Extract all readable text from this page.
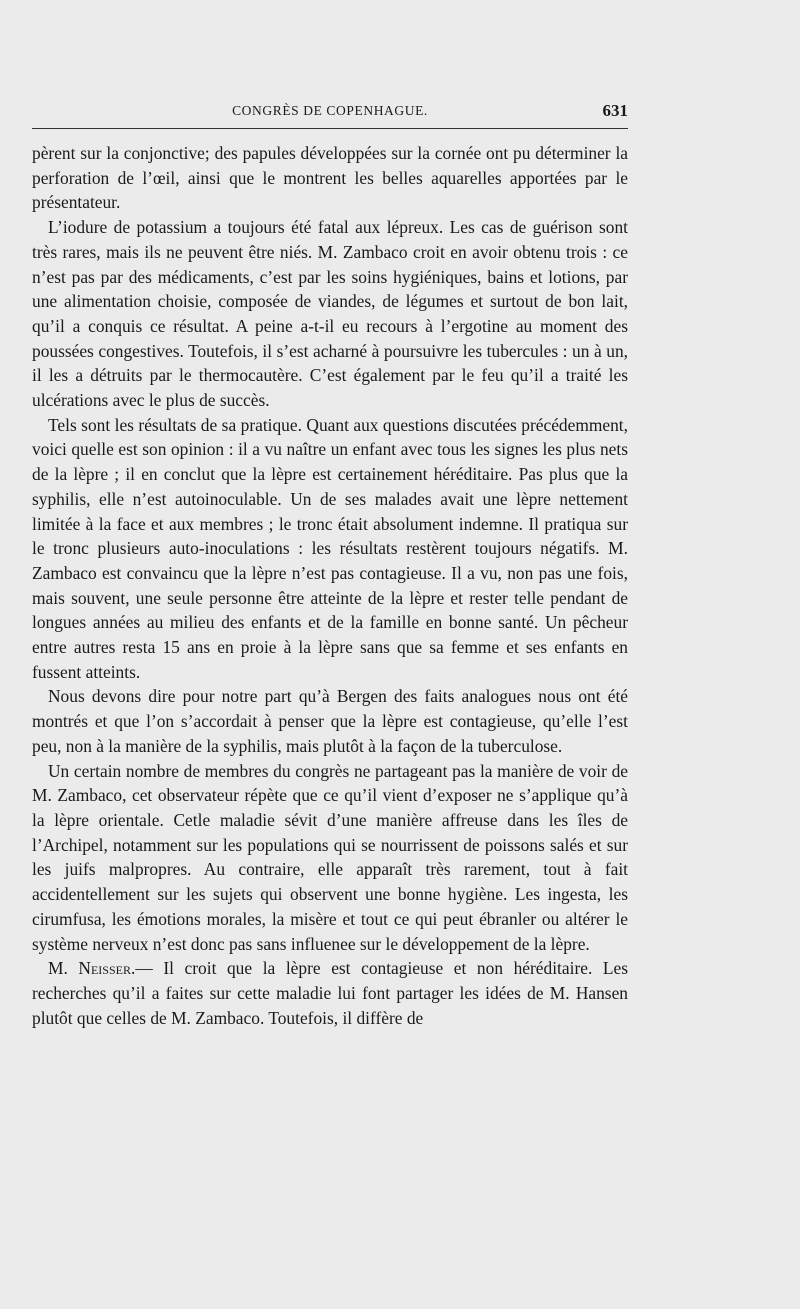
CONGRÈS DE COPENHAGUE.	631

pèrent sur la conjonctive; des papules développées sur la cornée ont pu déterminer la perforation de l’œil, ainsi que le montrent les belles aquarelles apportées par le présentateur.

L’iodure de potassium a toujours été fatal aux lépreux. Les cas de guérison sont très rares, mais ils ne peuvent être niés. M. Zambaco croit en avoir obtenu trois : ce n’est pas par des médicaments, c’est par les soins hygiéniques, bains et lotions, par une alimentation choisie, composée de viandes, de légumes et surtout de bon lait, qu’il a conquis ce résultat. A peine a-t-il eu recours à l’ergotine au moment des poussées congestives. Toutefois, il s’est acharné à poursuivre les tubercules : un à un, il les a détruits par le thermocautère. C’est également par le feu qu’il a traité les ulcérations avec le plus de succès.

Tels sont les résultats de sa pratique. Quant aux questions discutées précédemment, voici quelle est son opinion : il a vu naître un enfant avec tous les signes les plus nets de la lèpre ; il en conclut que la lèpre est certainement héréditaire. Pas plus que la syphilis, elle n’est autoinoculable. Un de ses malades avait une lèpre nettement limitée à la face et aux membres ; le tronc était absolument indemne. Il pratiqua sur le tronc plusieurs auto-inoculations : les résultats restèrent toujours négatifs. M. Zambaco est convaincu que la lèpre n’est pas contagieuse. Il a vu, non pas une fois, mais souvent, une seule personne être atteinte de la lèpre et rester telle pendant de longues années au milieu des enfants et de la famille en bonne santé. Un pêcheur entre autres resta 15 ans en proie à la lèpre sans que sa femme et ses enfants en fussent atteints.

Nous devons dire pour notre part qu’à Bergen des faits analogues nous ont été montrés et que l’on s’accordait à penser que la lèpre est contagieuse, qu’elle l’est peu, non à la manière de la syphilis, mais plutôt à la façon de la tuberculose.

Un certain nombre de membres du congrès ne partageant pas la manière de voir de M. Zambaco, cet observateur répète que ce qu’il vient d’exposer ne s’applique qu’à la lèpre orientale. Cetle maladie sévit d’une manière affreuse dans les îles de l’Archipel, notamment sur les populations qui se nourrissent de poissons salés et sur les juifs malpropres. Au contraire, elle apparaît très rarement, tout à fait accidentellement sur les sujets qui observent une bonne hygiène. Les ingesta, les cirumfusa, les émotions morales, la misère et tout ce qui peut ébranler ou altérer le système nerveux n’est donc pas sans influenee sur le développement de la lèpre.

M. Neisser.— Il croit que la lèpre est contagieuse et non héréditaire. Les recherches qu’il a faites sur cette maladie lui font partager les idées de M. Hansen plutôt que celles de M. Zambaco. Toutefois, il diffère de
